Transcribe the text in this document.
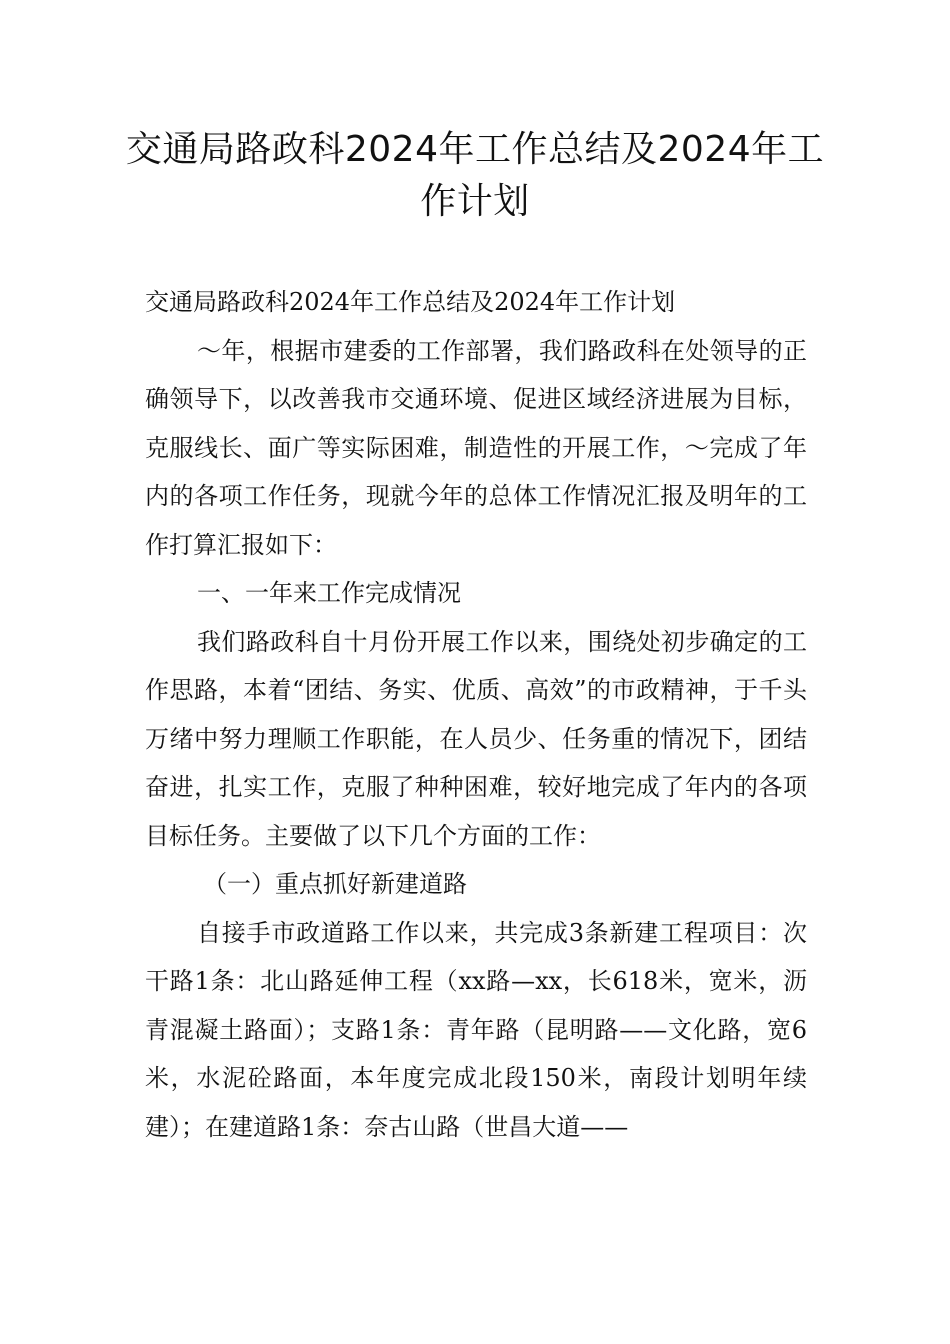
交通局路政科2024年工作总结及2024年工作计划

交通局路政科2024年工作总结及2024年工作计划

～年，根据市建委的工作部署，我们路政科在处领导的正确领导下，以改善我市交通环境、促进区域经济进展为目标，克服线长、面广等实际困难，制造性的开展工作，～完成了年内的各项工作任务，现就今年的总体工作情况汇报及明年的工作打算汇报如下：

一、一年来工作完成情况

我们路政科自十月份开展工作以来，围绕处初步确定的工作思路，本着“团结、务实、优质、高效”的市政精神，于千头万绪中努力理顺工作职能，在人员少、任务重的情况下，团结奋进，扎实工作，克服了种种困难，较好地完成了年内的各项目标任务。主要做了以下几个方面的工作：

（一）重点抓好新建道路

自接手市政道路工作以来，共完成3条新建工程项目：次干路1条：北山路延伸工程（xx路—xx，长618米，宽米，沥青混凝土路面）；支路1条：青年路（昆明路——文化路，宽6米，水泥砼路面，本年度完成北段150米，南段计划明年续建）；在建道路1条：奈古山路（世昌大道——
